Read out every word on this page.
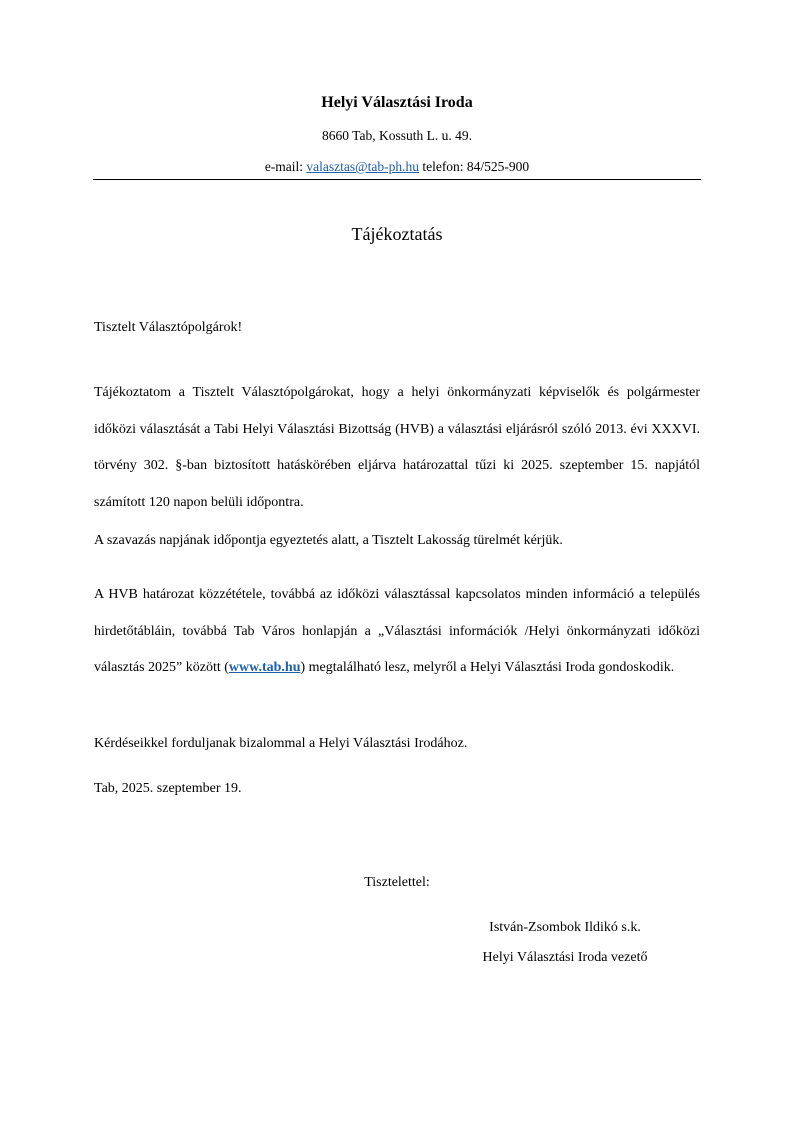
Helyi Választási Iroda
8660 Tab, Kossuth L. u. 49.
e-mail: valasztas@tab-ph.hu telefon: 84/525-900
Tájékoztatás
Tisztelt Választópolgárok!
Tájékoztatom a Tisztelt Választópolgárokat, hogy a helyi önkormányzati képviselők és polgármester időközi választását a Tabi Helyi Választási Bizottság (HVB) a választási eljárásról szóló 2013. évi XXXVI. törvény 302. §-ban biztosított hatáskörében eljárva határozattal tűzi ki 2025. szeptember 15. napjától számított 120 napon belüli időpontra.
A szavazás napjának időpontja egyeztetés alatt, a Tisztelt Lakosság türelmét kérjük.
A HVB határozat közzététele, továbbá az időközi választással kapcsolatos minden információ a település hirdetőtábláin, továbbá Tab Város honlapján a „Választási információk /Helyi önkormányzati időközi választás 2025” között (www.tab.hu) megtalálható lesz, melyről a Helyi Választási Iroda gondoskodik.
Kérdéseikkel forduljanak bizalommal a Helyi Választási Irodához.
Tab, 2025. szeptember 19.
Tisztelettel:
István-Zsombok Ildikó s.k.
Helyi Választási Iroda vezető
